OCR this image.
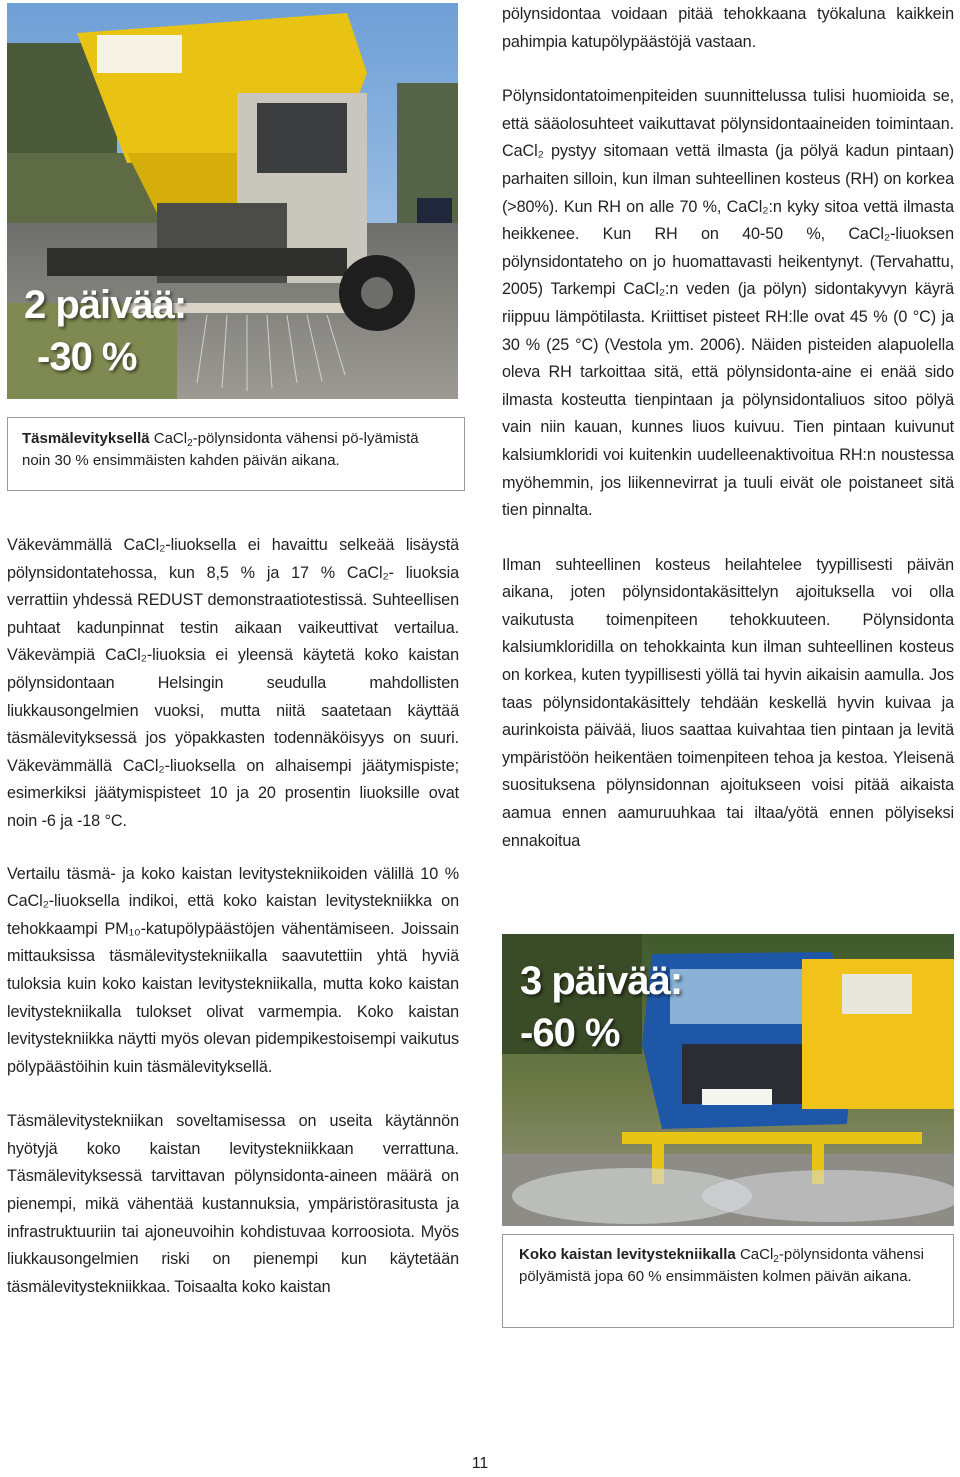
2 päivää:
-30 %
Täsmälevityksellä CaCl$_2$-pölynsidonta vähensi pö-lyämistä noin 30 % ensimmäisten kahden päivän aikana.

Väkevämmällä CaCl₂-liuoksella ei havaittu selkeää lisäystä pölynsidontatehossa, kun 8,5 % ja 17 % CaCl₂- liuoksia verrattiin yhdessä REDUST demonstraatiotestissä. Suhteellisen puhtaat kadunpinnat testin aikaan vaikeuttivat vertailua. Väkevämpiä CaCl₂-liuoksia ei yleensä käytetä koko kaistan pölynsidontaan Helsingin seudulla mahdollisten liukkausongelmien vuoksi, mutta niitä saatetaan käyttää täsmälevityksessä jos yöpakkasten todennäköisyys on suuri. Väkevämmällä CaCl₂-liuoksella on alhaisempi jäätymispiste; esimerkiksi jäätymispisteet 10 ja 20 prosentin liuoksille ovat noin -6 ja -18 °C.

Vertailu täsmä- ja koko kaistan levitystekniikoiden välillä 10 % CaCl₂-liuoksella indikoi, että koko kaistan levitystekniikka on tehokkaampi PM₁₀-katupölypäästöjen vähentämiseen. Joissain mittauksissa täsmälevitystekniikalla saavutettiin yhtä hyviä tuloksia kuin koko kaistan levitystekniikalla, mutta koko kaistan levitystekniikalla tulokset olivat varmempia. Koko kaistan levitystekniikka näytti myös olevan pidempikestoisempi vaikutus pölypäästöihin kuin täsmälevityksellä.

Täsmälevitystekniikan soveltamisessa on useita käytännön hyötyjä koko kaistan levitystekniikkaan verrattuna. Täsmälevityksessä tarvittavan pölynsidonta-aineen määrä on pienempi, mikä vähentää kustannuksia, ympäristörasitusta ja infrastruktuuriin tai ajoneuvoihin kohdistuvaa korroosiota. Myös liukkausongelmien riski on pienempi kun käytetään täsmälevitystekniikkaa. Toisaalta koko kaistan

pölynsidontaa voidaan pitää tehokkaana työkaluna kaikkein pahimpia katupölypäästöjä vastaan.

Pölynsidontatoimenpiteiden suunnittelussa tulisi huomioida se, että sääolosuhteet vaikuttavat pölynsidontaaineiden toimintaan. CaCl₂ pystyy sitomaan vettä ilmasta (ja pölyä kadun pintaan) parhaiten silloin, kun ilman suhteellinen kosteus (RH) on korkea (>80%). Kun RH on alle 70 %, CaCl₂:n kyky sitoa vettä ilmasta heikkenee. Kun RH on 40-50 %, CaCl₂-liuoksen pölynsidontateho on jo huomattavasti heikentynyt. (Tervahattu, 2005) Tarkempi CaCl₂:n veden (ja pölyn) sidontakyvyn käyrä riippuu lämpötilasta. Kriittiset pisteet RH:lle ovat 45 % (0 °C) ja 30 % (25 °C) (Vestola ym. 2006). Näiden pisteiden alapuolella oleva RH tarkoittaa sitä, että pölynsidonta-aine ei enää sido ilmasta kosteutta tienpintaan ja pölynsidontaliuos sitoo pölyä vain niin kauan, kunnes liuos kuivuu. Tien pintaan kuivunut kalsiumkloridi voi kuitenkin uudelleenaktivoitua RH:n noustessa myöhemmin, jos liikennevirrat ja tuuli eivät ole poistaneet sitä tien pinnalta.

Ilman suhteellinen kosteus heilahtelee tyypillisesti päivän aikana, joten pölynsidontakäsittelyn ajoituksella voi olla vaikutusta toimenpiteen tehokkuuteen. Pölynsidonta kalsiumkloridilla on tehokkainta kun ilman suhteellinen kosteus on korkea, kuten tyypillisesti yöllä tai hyvin aikaisin aamulla. Jos taas pölynsidontakäsittely tehdään keskellä hyvin kuivaa ja aurinkoista päivää, liuos saattaa kuivahtaa tien pintaan ja levitä ympäristöön heikentäen toimenpiteen tehoa ja kestoa. Yleisenä suosituksena pölynsidonnan ajoitukseen voisi pitää aikaista aamua ennen aamuruuhkaa tai iltaa/yötä ennen pölyiseksi ennakoitua

3 päivää:
-60 %
Koko kaistan levitystekniikalla CaCl$_2$-pölynsidonta vähensi pölyämistä jopa 60 % ensimmäisten kolmen päivän aikana.
11
